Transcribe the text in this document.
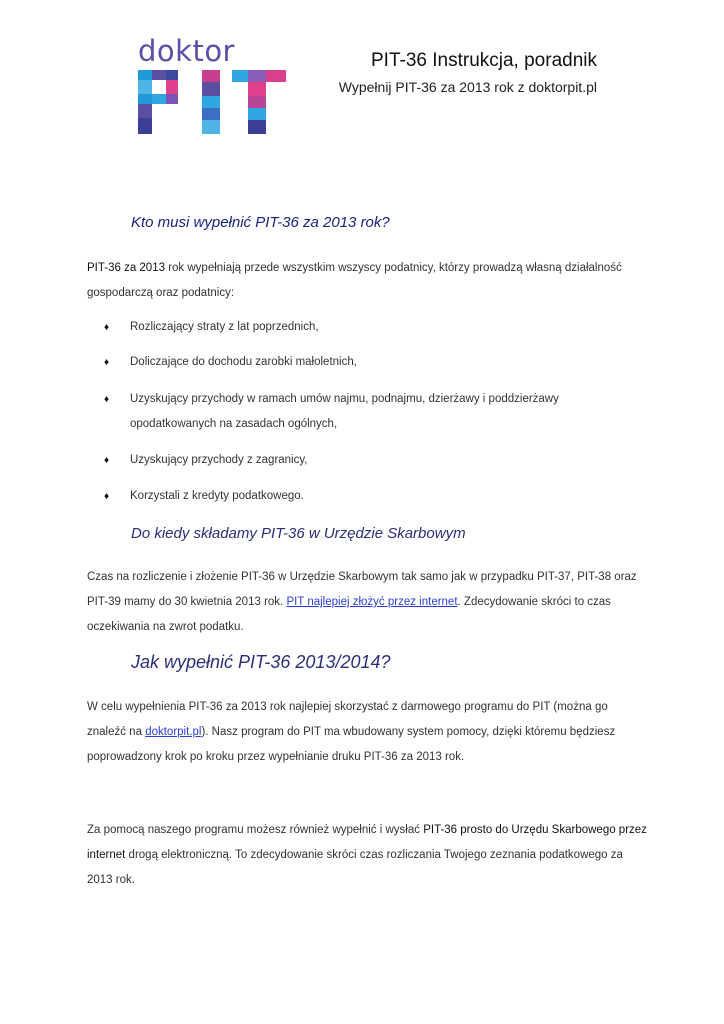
doktor	PIT-36 Instrukcja, poradnik
Wypełnij PIT-36 za 2013 rok z doktorpit.pl
Kto musi wypełnić PIT-36 za 2013 rok?
PIT-36 za 2013 rok wypełniają przede wszystkim wszyscy podatnicy, którzy prowadzą własną działalność gospodarczą oraz podatnicy:
♦ Rozliczający straty z lat poprzednich,
♦ Doliczające do dochodu zarobki małoletnich,
♦ Uzyskujący przychody w ramach umów najmu, podnajmu, dzierżawy i poddzierżawy opodatkowanych na zasadach ogólnych,
♦ Uzyskujący przychody z zagranicy,
♦ Korzystali z kredyty podatkowego.
Do kiedy składamy PIT-36 w Urzędzie Skarbowym
Czas na rozliczenie i złożenie PIT-36 w Urzędzie Skarbowym tak samo jak w przypadku PIT-37, PIT-38 oraz PIT-39 mamy do 30 kwietnia 2013 rok. PIT najlepiej złożyć przez internet. Zdecydowanie skróci to czas oczekiwania na zwrot podatku.
Jak wypełnić PIT-36 2013/2014?
W celu wypełnienia PIT-36 za 2013 rok najlepiej skorzystać z darmowego programu do PIT (można go znaleźć na doktorpit.pl). Nasz program do PIT ma wbudowany system pomocy, dzięki któremu będziesz poprowadzony krok po kroku przez wypełnianie druku PIT-36 za 2013 rok.
Za pomocą naszego programu możesz również wypełnić i wysłać PIT-36 prosto do Urzędu Skarbowego przez internet drogą elektroniczną. To zdecydowanie skróci czas rozliczania Twojego zeznania podatkowego za 2013 rok.
